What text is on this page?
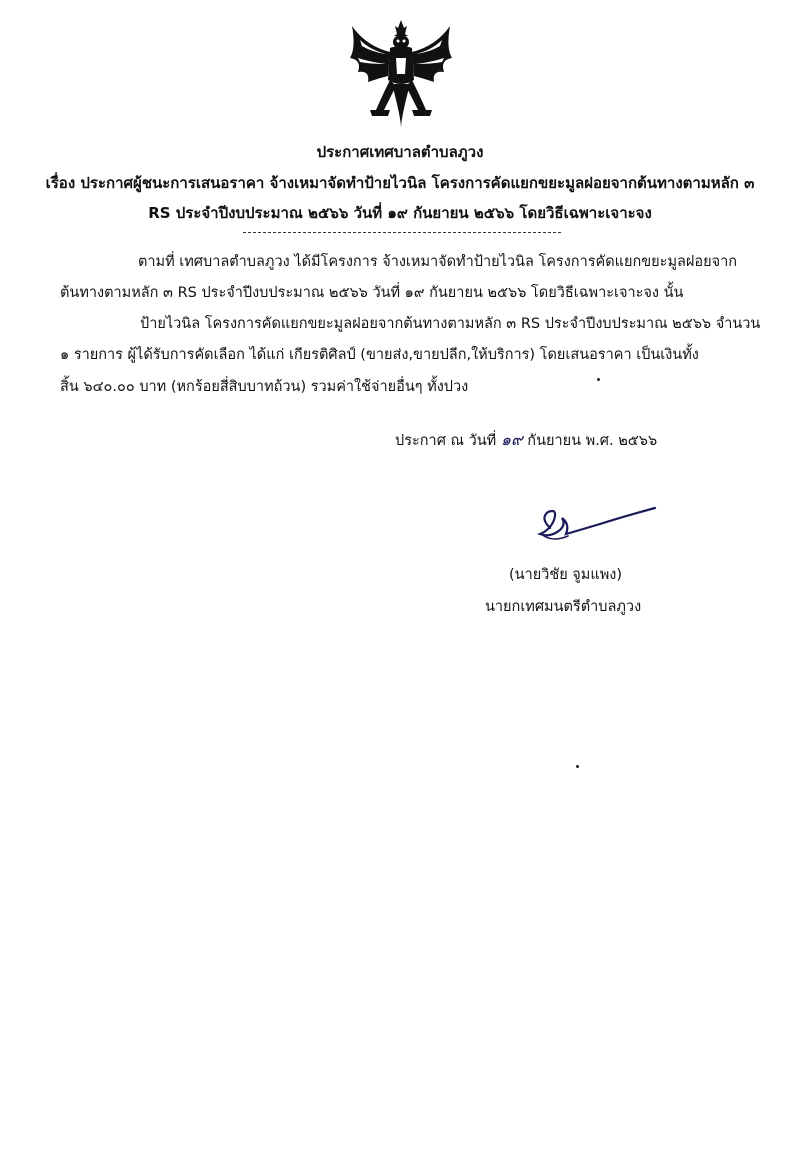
ประกาศเทศบาลตำบลภูวง
เรื่อง ประกาศผู้ชนะการเสนอราคา จ้างเหมาจัดทำป้ายไวนิล โครงการคัดแยกขยะมูลฝอยจากต้นทางตามหลัก ๓
RS ประจำปีงบประมาณ ๒๕๖๖ วันที่ ๑๙ กันยายน ๒๕๖๖ โดยวิธีเฉพาะเจาะจง
ตามที่ เทศบาลตำบลภูวง ได้มีโครงการ จ้างเหมาจัดทำป้ายไวนิล โครงการคัดแยกขยะมูลฝอยจาก
ต้นทางตามหลัก ๓ RS ประจำปีงบประมาณ ๒๕๖๖ วันที่ ๑๙ กันยายน ๒๕๖๖ โดยวิธีเฉพาะเจาะจง นั้น
ป้ายไวนิล โครงการคัดแยกขยะมูลฝอยจากต้นทางตามหลัก ๓ RS ประจำปีงบประมาณ ๒๕๖๖ จำนวน
๑ รายการ ผู้ได้รับการคัดเลือก ได้แก่ เกียรติศิลป์ (ขายส่ง,ขายปลีก,ให้บริการ) โดยเสนอราคา เป็นเงินทั้ง
สิ้น ๖๔๐.๐๐ บาท (หกร้อยสี่สิบบาทถ้วน) รวมค่าใช้จ่ายอื่นๆ ทั้งปวง
ประกาศ ณ วันที่ ๑๙ กันยายน พ.ศ. ๒๕๖๖
(นายวิชัย จูมแพง)
นายกเทศมนตรีตำบลภูวง
